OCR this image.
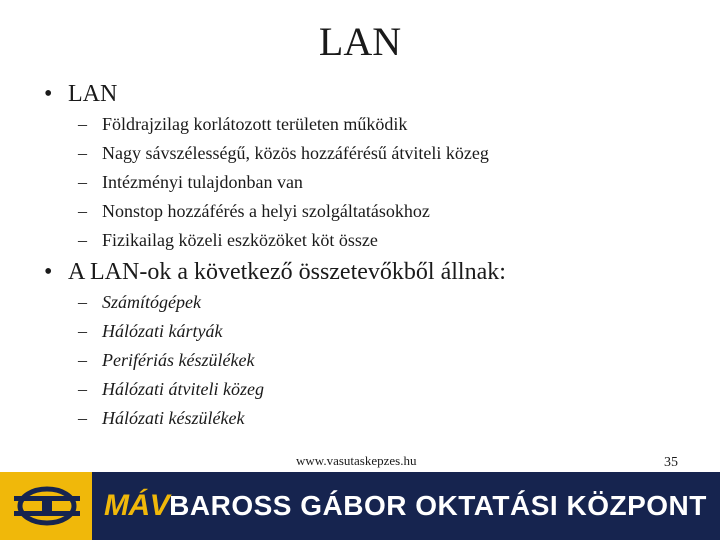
LAN
• LAN
– Földrajzilag korlátozott területen működik
– Nagy sávszélességű, közös hozzáférésű átviteli közeg
– Intézményi tulajdonban van
– Nonstop hozzáférés a helyi szolgáltatásokhoz
– Fizikailag közeli eszközöket köt össze
• A LAN-ok a következő összetevőkből állnak:
– Számítógépek
– Hálózati kártyák
– Perifériás készülékek
– Hálózati átviteli közeg
– Hálózati készülékek
www.vasutaskepzes.hu	35
MÁVBAROSS GÁBOR OKTATÁSI KÖZPONT
